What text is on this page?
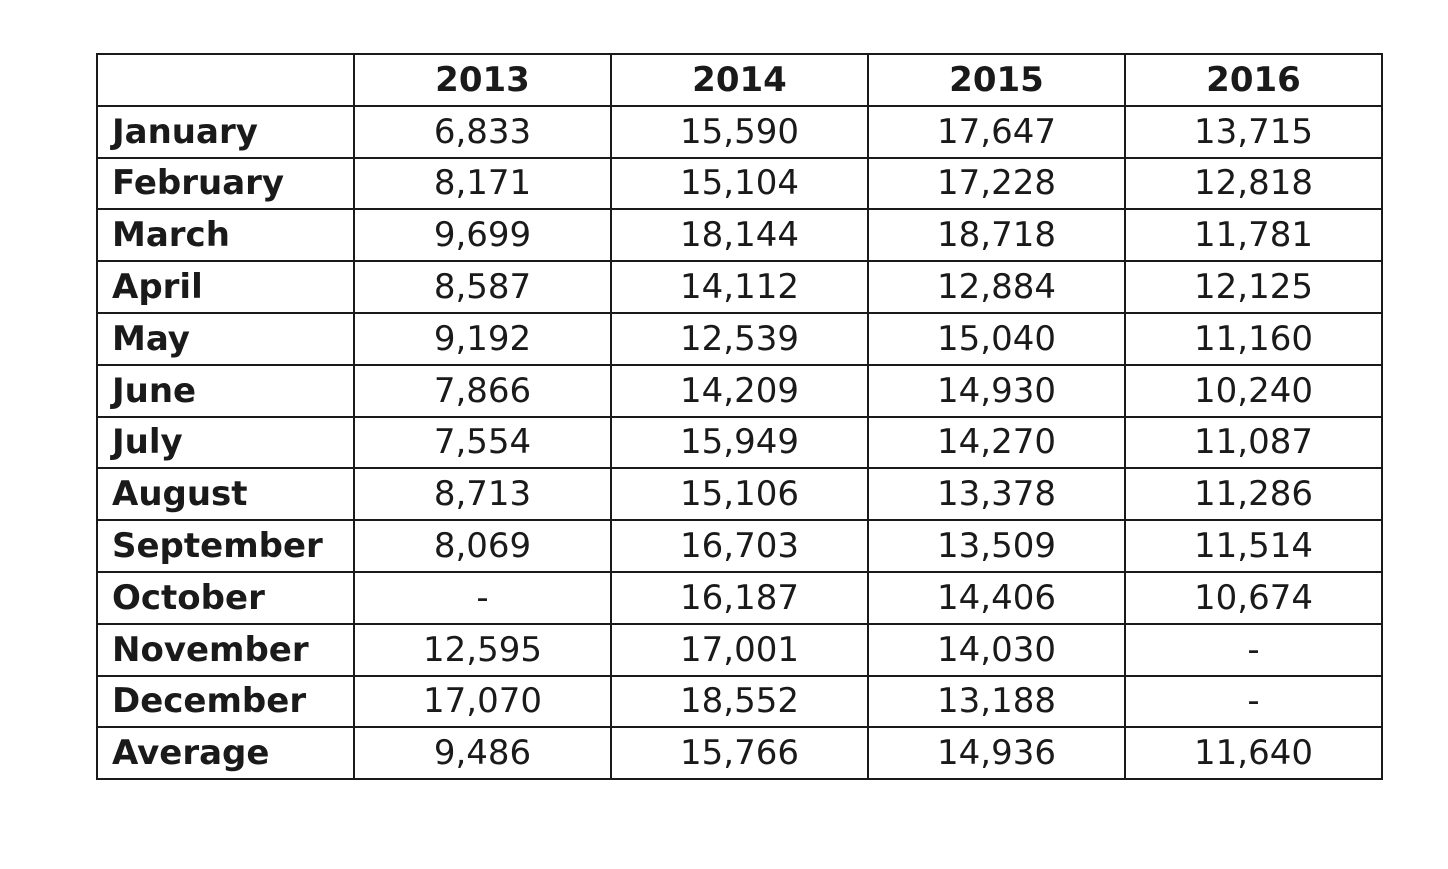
	2013	2014	2015	2016
January	6,833	15,590	17,647	13,715
February	8,171	15,104	17,228	12,818
March	9,699	18,144	18,718	11,781
April	8,587	14,112	12,884	12,125
May	9,192	12,539	15,040	11,160
June	7,866	14,209	14,930	10,240
July	7,554	15,949	14,270	11,087
August	8,713	15,106	13,378	11,286
September	8,069	16,703	13,509	11,514
October	-	16,187	14,406	10,674
November	12,595	17,001	14,030	-
December	17,070	18,552	13,188	-
Average	9,486	15,766	14,936	11,640
